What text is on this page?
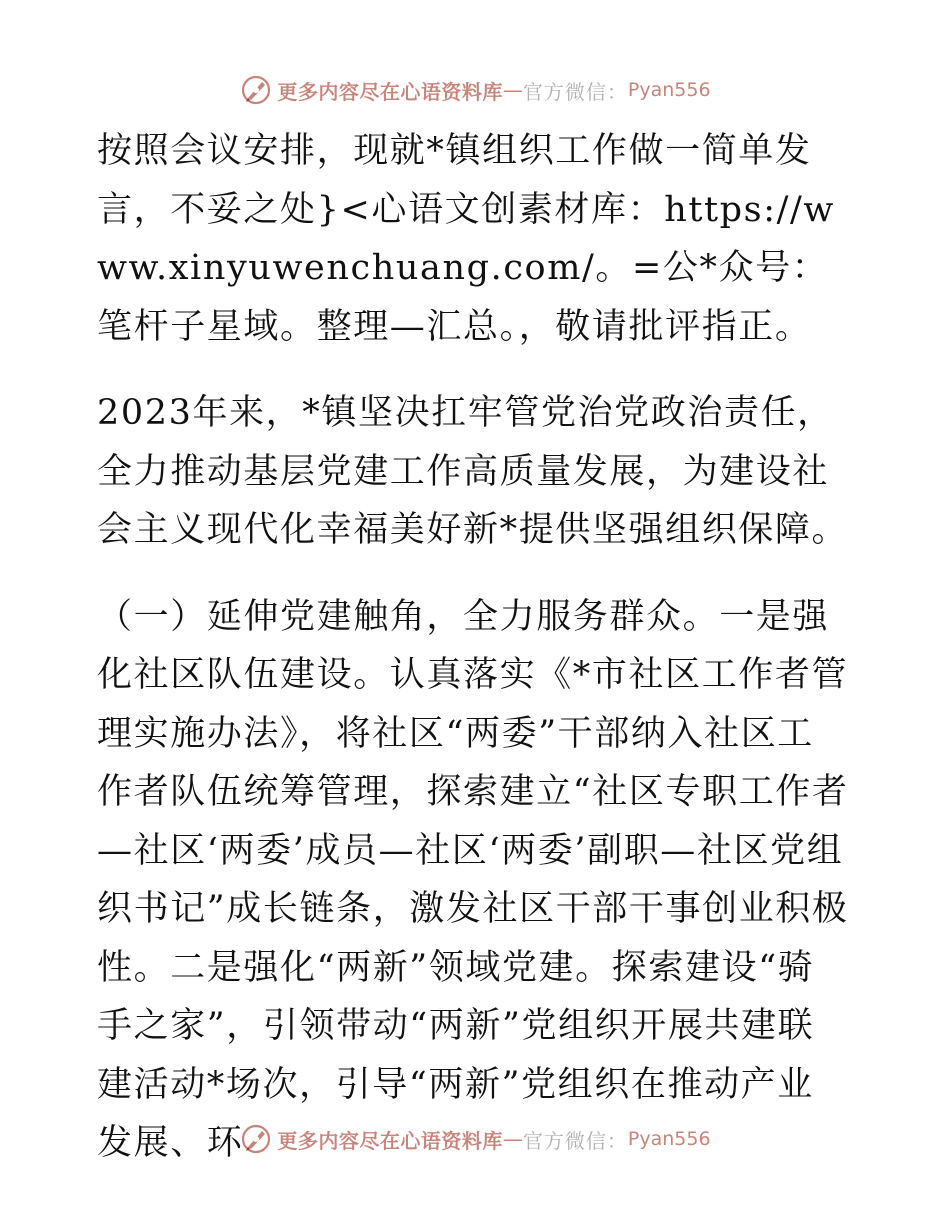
更多内容尽在心语资料库 — 官方微信： Pyan556

按照会议安排，现就*镇组织工作做一简单发言，不妥之处}<心语文创素材库：https://www.xinyuwenchuang.com/。=公*众号：笔杆子星域。整理—汇总。，敬请批评指正。

2023年来，*镇坚决扛牢管党治党政治责任，全力推动基层党建工作高质量发展，为建设社会主义现代化幸福美好新*提供坚强组织保障。

（一）延伸党建触角，全力服务群众。一是强化社区队伍建设。认真落实《*市社区工作者管理实施办法》，将社区“两委”干部纳入社区工作者队伍统筹管理，探索建立“社区专职工作者—社区‘两委’成员—社区‘两委’副职—社区党组织书记”成长链条，激发社区干部干事创业积极性。二是强化“两新”领域党建。探索建设“骑手之家”，引领带动“两新”党组织开展共建联建活动*场次，引导“两新”党组织在推动产业发展、环	更多内容尽在心语资料库 — 官方微信： Pyan556
